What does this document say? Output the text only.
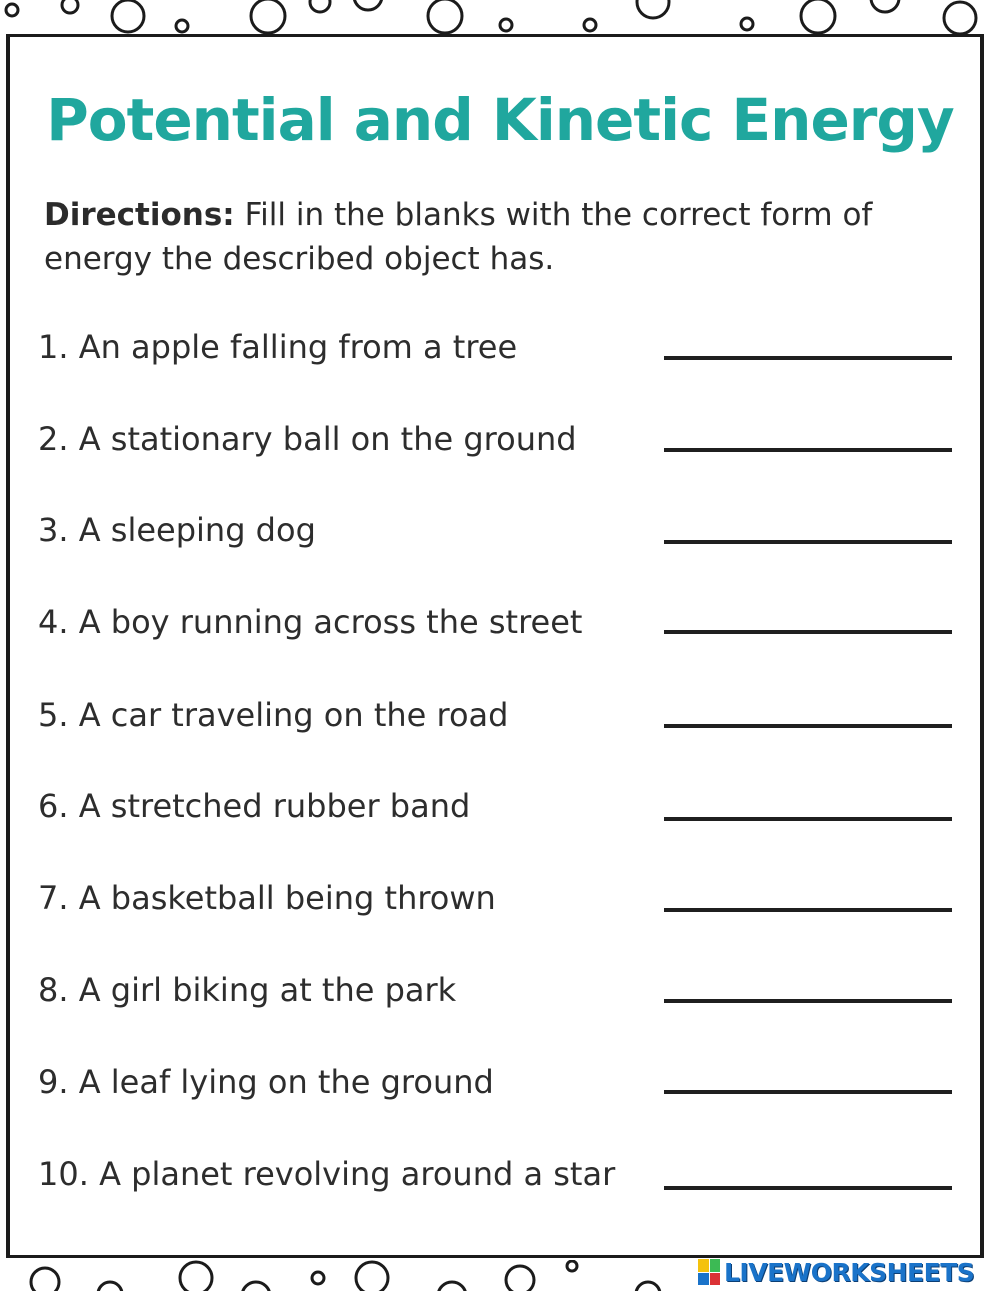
Potential and Kinetic Energy
Directions: Fill in the blanks with the correct form of energy the described object has.
1. An apple falling from a tree
2. A stationary ball on the ground
3. A sleeping dog
4. A boy running across the street
5. A car traveling on the road
6. A stretched rubber band
7. A basketball being thrown
8. A girl biking at the park
9. A leaf lying on the ground
10. A planet revolving around a star
LIVEWORKSHEETS
